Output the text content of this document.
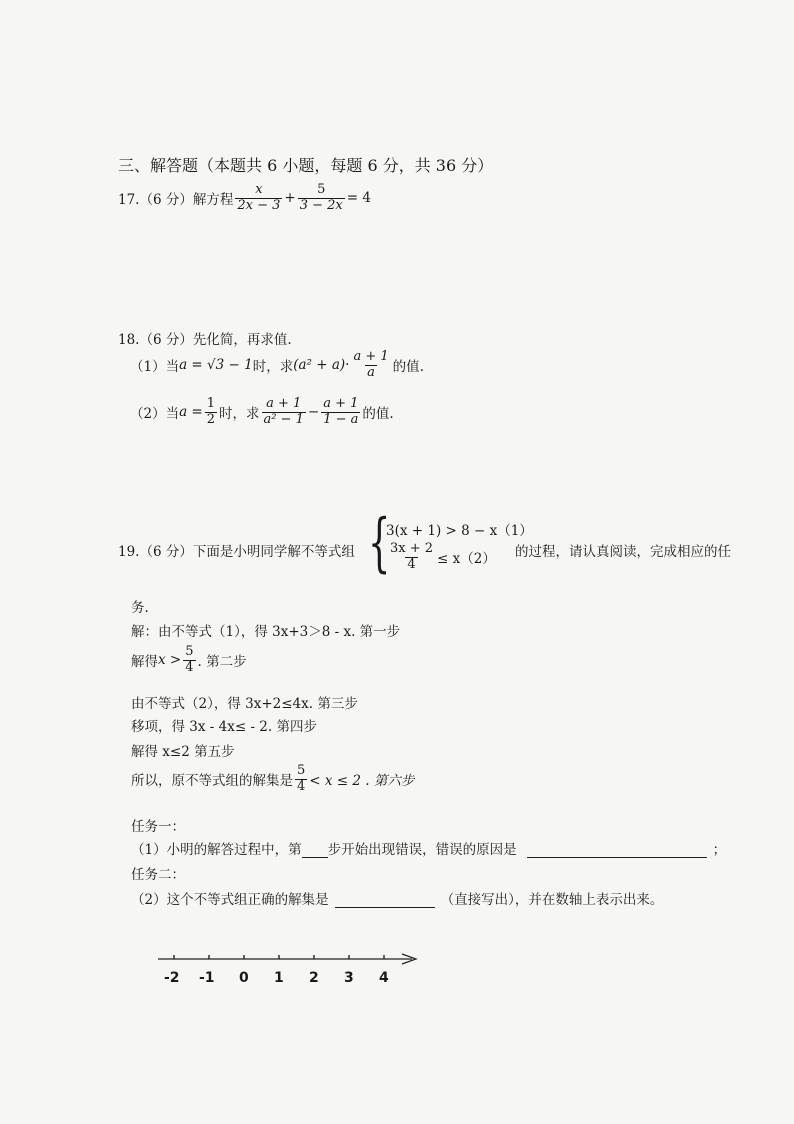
三、解答题（本题共 6 小题，每题 6 分，共 36 分）
17.（6 分）解方程 $\frac{x}{2x - 3} + \frac{5}{3 - 2x} = 4$
18.（6 分）先化简，再求值.
（1）当 a = √3 − 1 时，求 $(a^2 + a)\cdot \frac{a + 1}{a}$ 的值.
（2）当 $a = \frac{1}{2}$ 时，求 $\frac{a + 1}{\text{a² − 1}} - \frac{a + 1}{1 - a}$ 的值.
19.（6 分）下面是小明同学解不等式组 {
3(x + 1) > 8 − x（1）
$\frac{3x + 2}{4} \le x(2)$ 的过程，请认真阅读，完成相应的任
务.
解：由不等式（1），得 3x+3＞8 - x. 第一步
解得 $x > \frac{5}{4}$ . 第二步
由不等式（2），得 3x+2≤4x. 第三步
移项，得 3x - 4x≤ - 2. 第四步
解得 x≤2 第五步
所以，原不等式组的解集是 $\frac{5}{4} < x \le 2$ . 第六步
任务一：
（1）小明的解答过程中，第 步开始出现错误，错误的原因是	；
任务二：
（2）这个不等式组正确的解集是	（直接写出），并在数轴上表示出来。
-2 -1 0 1 2 3 4
